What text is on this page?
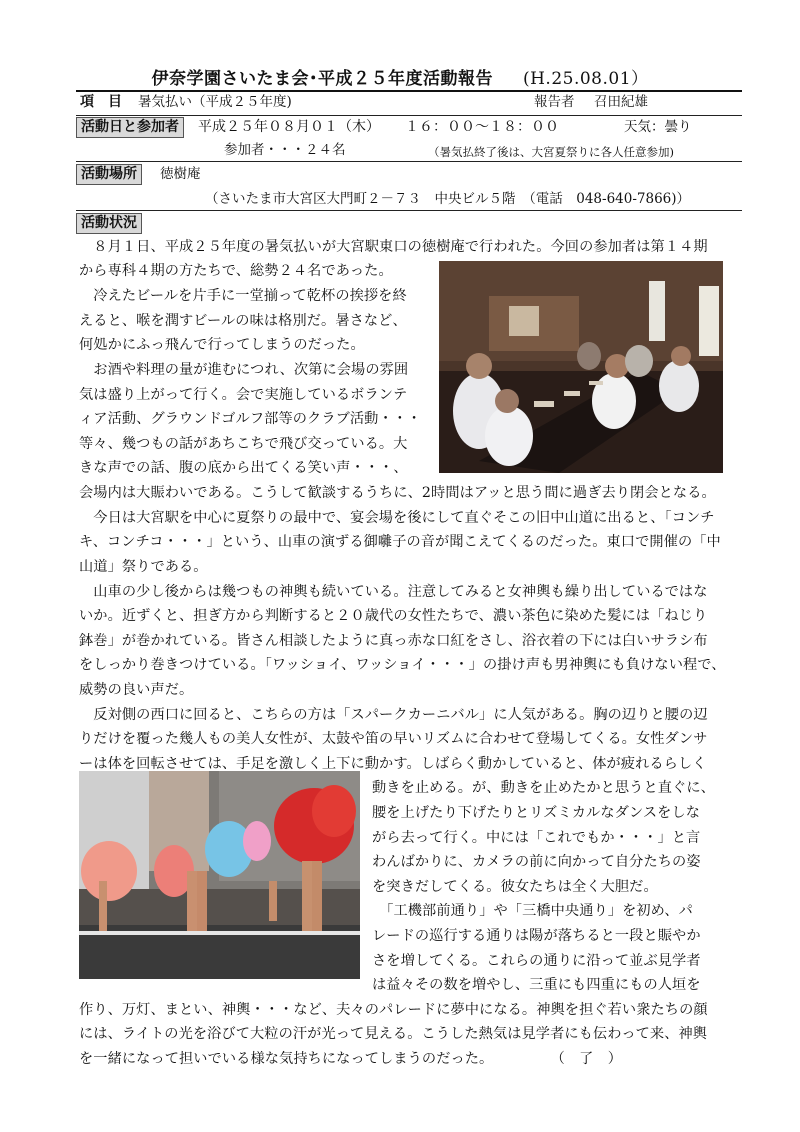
伊奈学園さいたま会･平成２５年度活動報告 (H.25.08.01）
項　目 暑気払い（平成２５年度)	報告者 召田紀雄
活動日と参加者	平成２５年０８月０１（木） １６：００〜１８：００	天気：曇り
参加者・・・２４名	（暑気払終了後は、大宮夏祭りに各人任意参加)
活動場所	徳樹庵
（さいたま市大宮区大門町２－７３　中央ビル５階　（電話　048-640-7866)）
活動状況

　８月１日、平成２５年度の暑気払いが大宮駅東口の徳樹庵で行われた。今回の参加者は第１４期

から専科４期の方たちで、総勢２４名であった。

　冷えたビールを片手に一堂揃って乾杯の挨拶を終

えると、喉を潤すビールの味は格別だ。暑さなど、

何処かにふっ飛んで行ってしまうのだった。

　お酒や料理の量が進むにつれ、次第に会場の雰囲

気は盛り上がって行く。会で実施しているボランテ

ィア活動、グラウンドゴルフ部等のクラブ活動・・・

等々、幾つもの話があちこちで飛び交っている。大

きな声での話、腹の底から出てくる笑い声・・・、

会場内は大賑わいである。こうして歓談するうちに、2時間はアッと思う間に過ぎ去り閉会となる。

　今日は大宮駅を中心に夏祭りの最中で、宴会場を後にして直ぐそこの旧中山道に出ると、「コンチ

キ、コンチコ・・・」という、山車の演ずる御囃子の音が聞こえてくるのだった。東口で開催の「中

山道」祭りである。

　山車の少し後からは幾つもの神輿も続いている。注意してみると女神輿も繰り出しているではな

いか。近ずくと、担ぎ方から判断すると２０歳代の女性たちで、濃い茶色に染めた髪には「ねじり

鉢巻」が巻かれている。皆さん相談したように真っ赤な口紅をさし、浴衣着の下には白いサラシ布

をしっかり巻きつけている。「ワッショイ、ワッショイ・・・」の掛け声も男神輿にも負けない程で、

威勢の良い声だ。

　反対側の西口に回ると、こちらの方は「スパークカーニバル」に人気がある。胸の辺りと腰の辺

りだけを覆った幾人もの美人女性が、太鼓や笛の早いリズムに合わせて登場してくる。女性ダンサ

ーは体を回転させては、手足を激しく上下に動かす。しばらく動かしていると、体が疲れるらしく

動きを止める。が、動きを止めたかと思うと直ぐに、

腰を上げたり下げたりとリズミカルなダンスをしな

がら去って行く。中には「これでもか・・・」と言

わんばかりに、カメラの前に向かって自分たちの姿

を突きだしてくる。彼女たちは全く大胆だ。

　「工機部前通り」や「三橋中央通り」を初め、パ

レードの巡行する通りは陽が落ちると一段と賑やか

さを増してくる。これらの通りに沿って並ぶ見学者

は益々その数を増やし、三重にも四重にもの人垣を

作り、万灯、まとい、神輿・・・など、夫々のパレードに夢中になる。神輿を担ぐ若い衆たちの顔

には、ライトの光を浴びて大粒の汗が光って見える。こうした熱気は見学者にも伝わって来、神輿

を一緒になって担いでいる様な気持ちになってしまうのだった。　　　　　（　了　）
